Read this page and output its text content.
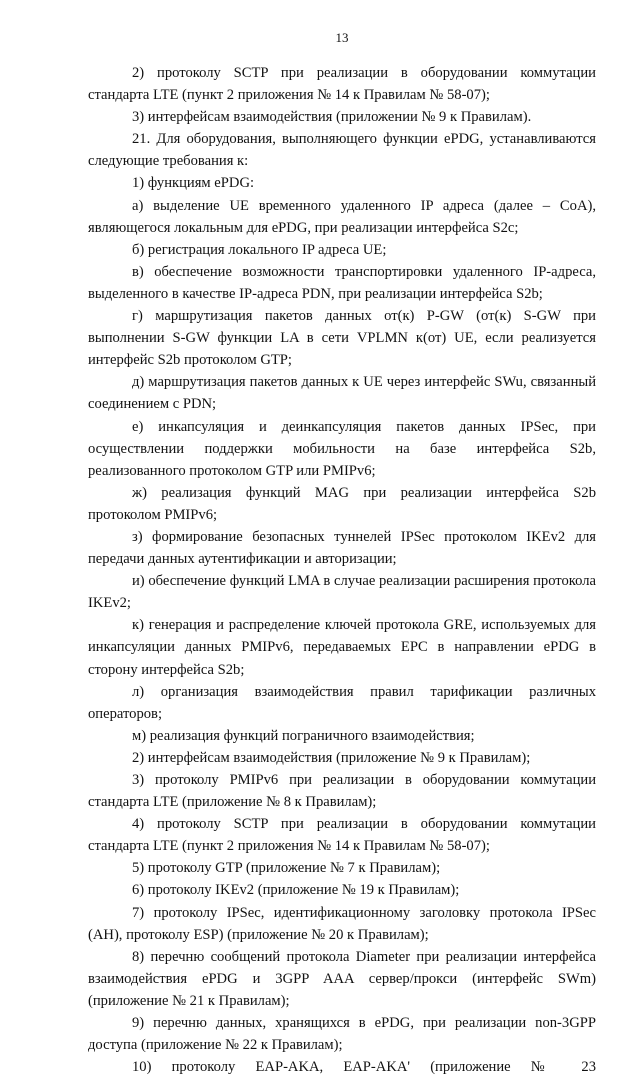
13

2) протоколу SCTP при реализации в оборудовании коммутации стандарта LTE (пункт 2 приложения № 14 к Правилам № 58-07);

3) интерфейсам взаимодействия (приложении № 9 к Правилам).

21. Для оборудования, выполняющего функции ePDG, устанавливаются следующие требования к:

1) функциям ePDG:

а) выделение UE временного удаленного IP адреса (далее – CoA), являющегося локальным для ePDG, при реализации интерфейса S2c;

б) регистрация локального IP адреса UE;

в) обеспечение возможности транспортировки удаленного IP-адреса, выделенного в качестве IP-адреса PDN, при реализации интерфейса S2b;

г) маршрутизация пакетов данных от(к) P-GW (от(к) S-GW при выполнении S-GW функции LA в сети VPLMN к(от) UE, если реализуется интерфейс S2b протоколом GTP;

д) маршрутизация пакетов данных к UE через интерфейс SWu, связанный соединением с PDN;

е) инкапсуляция и деинкапсуляция пакетов данных IPSec, при осуществлении поддержки мобильности на базе интерфейса S2b, реализованного протоколом GTP или PMIPv6;

ж) реализация функций MAG при реализации интерфейса S2b протоколом PMIPv6;

з) формирование безопасных туннелей IPSec протоколом IKEv2 для передачи данных аутентификации и авторизации;

и) обеспечение функций LMA в случае реализации расширения протокола IKEv2;

к) генерация и распределение ключей протокола GRE, используемых для инкапсуляции данных PMIPv6, передаваемых EPC в направлении ePDG в сторону интерфейса S2b;

л) организация взаимодействия правил тарификации различных операторов;

м) реализация функций пограничного взаимодействия;

2) интерфейсам взаимодействия (приложение № 9 к Правилам);

3) протоколу PMIPv6 при реализации в оборудовании коммутации стандарта LTE (приложение № 8 к Правилам);

4) протоколу SCTP при реализации в оборудовании коммутации стандарта LTE (пункт 2 приложения № 14 к Правилам № 58-07);

5) протоколу GTP (приложение № 7 к Правилам);

6) протоколу IKEv2 (приложение № 19 к Правилам);

7) протоколу IPSec, идентификационному заголовку протокола IPSec (AH), протоколу ESP) (приложение № 20 к Правилам);

8) перечню сообщений протокола Diameter при реализации интерфейса взаимодействия ePDG и 3GPP AAA сервер/прокси (интерфейс SWm) (приложение № 21 к Правилам);

9) перечню данных, хранящихся в ePDG, при реализации non-3GPP доступа (приложение № 22 к Правилам);

10) протоколу EAP-AKA, EAP-AKA' (приложение № 23
